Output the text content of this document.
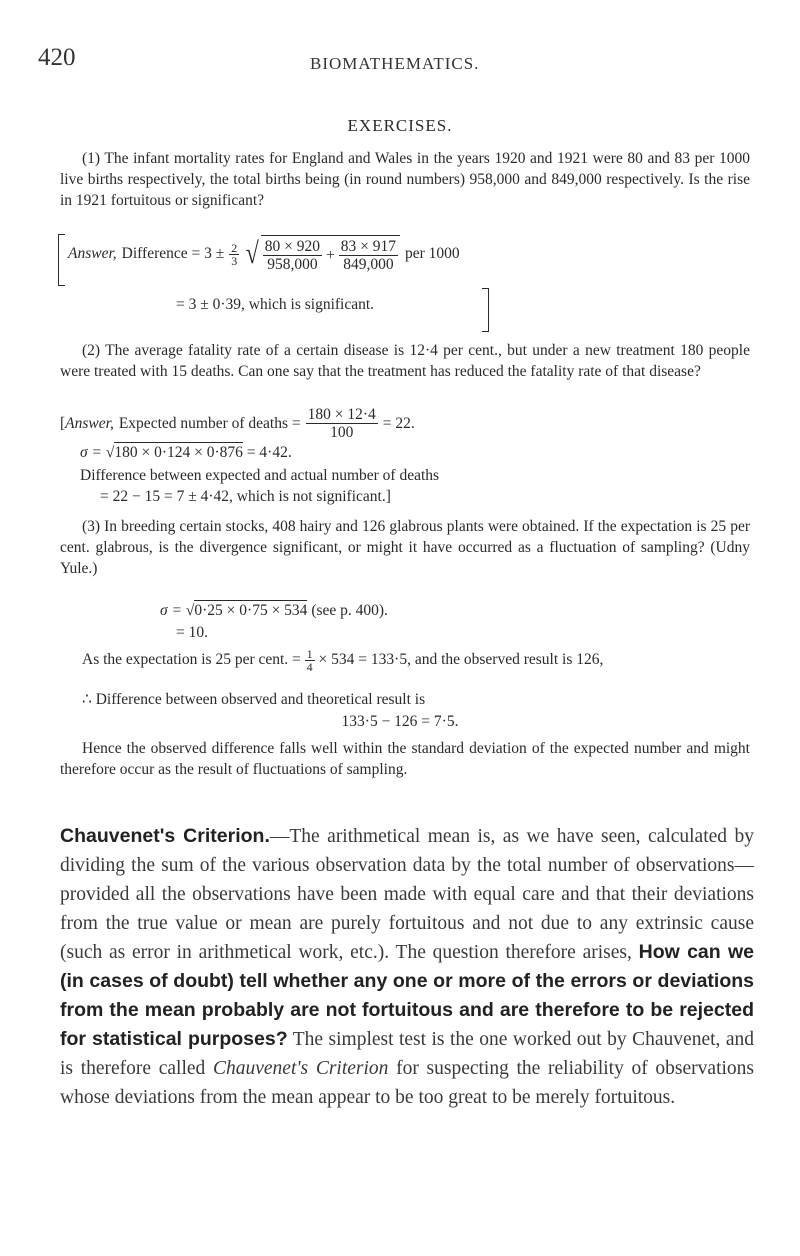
420	BIOMATHEMATICS.
EXERCISES.
(1) The infant mortality rates for England and Wales in the years 1920 and 1921 were 80 and 83 per 1000 live births respectively, the total births being (in round numbers) 958,000 and 849,000 respectively. Is the rise in 1921 fortuitous or significant?
Answer, Difference = $3 \pm \frac{2}{3}$ √ $\frac{80 \times 920}{958,000} + \frac{83 \times 917}{849,000}$ per 1000
= 3 ± 0·39, which is significant.
(2) The average fatality rate of a certain disease is 12·4 per cent., but under a new treatment 180 people were treated with 15 deaths. Can one say that the treatment has reduced the fatality rate of that disease?
[Answer, Expected number of deaths = $\frac{180 \times 12\cdot 4}{100} = 22$.
σ = √180 × 0·124 × 0·876 = 4·42.
Difference between expected and actual number of deaths
= 22 − 15 = 7 ± 4·42, which is not significant.]
(3) In breeding certain stocks, 408 hairy and 126 glabrous plants were obtained. If the expectation is 25 per cent. glabrous, is the divergence significant, or might it have occurred as a fluctuation of sampling? (Udny Yule.)
σ = √0·25 × 0·75 × 534 (see p. 400).
= 10.
As the expectation is 25 per cent. = $\frac{1}{4} \times 534 = 133\cdot 5$, and the observed result is 126,
∴ Difference between observed and theoretical result is
133·5 − 126 = 7·5.
Hence the observed difference falls well within the standard deviation of the expected number and might therefore occur as the result of fluctuations of sampling.
Chauvenet's Criterion.—The arithmetical mean is, as we have seen, calculated by dividing the sum of the various observation data by the total number of observations—provided all the observations have been made with equal care and that their deviations from the true value or mean are purely fortuitous and not due to any extrinsic cause (such as error in arithmetical work, etc.). The question therefore arises, How can we (in cases of doubt) tell whether any one or more of the errors or deviations from the mean probably are not fortuitous and are therefore to be rejected for statistical purposes? The simplest test is the one worked out by Chauvenet, and is therefore called Chauvenet's Criterion for suspecting the reliability of observations whose deviations from the mean appear to be too great to be merely fortuitous.
